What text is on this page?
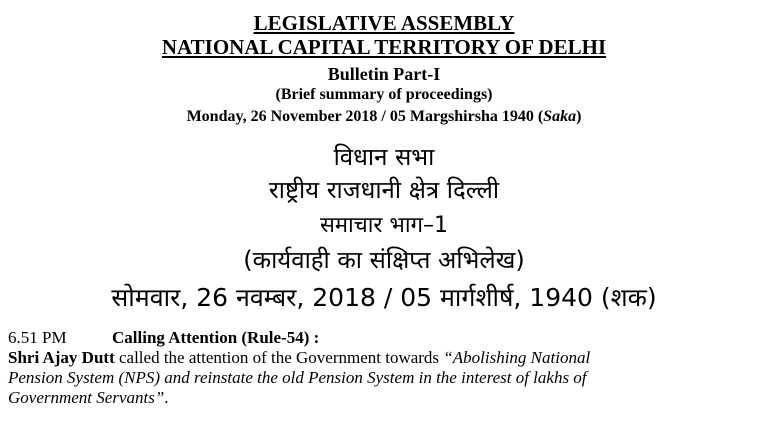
LEGISLATIVE ASSEMBLY
NATIONAL CAPITAL TERRITORY OF DELHI
Bulletin Part-I
(Brief summary of proceedings)
Monday, 26 November 2018 / 05 Margshirsha 1940 (Saka)
विधान सभा
राष्ट्रीय राजधानी क्षेत्र दिल्ली
समाचार भाग–1
(कार्यवाही का संक्षिप्त अभिलेख)
सोमवार, 26 नवम्बर, 2018 / 05 मार्गशीर्ष, 1940 (शक)
6.51 PM	Calling Attention (Rule-54) :
Shri Ajay Dutt called the attention of the Government towards “Abolishing National
Pension System (NPS) and reinstate the old Pension System in the interest of lakhs of
Government Servants”.
